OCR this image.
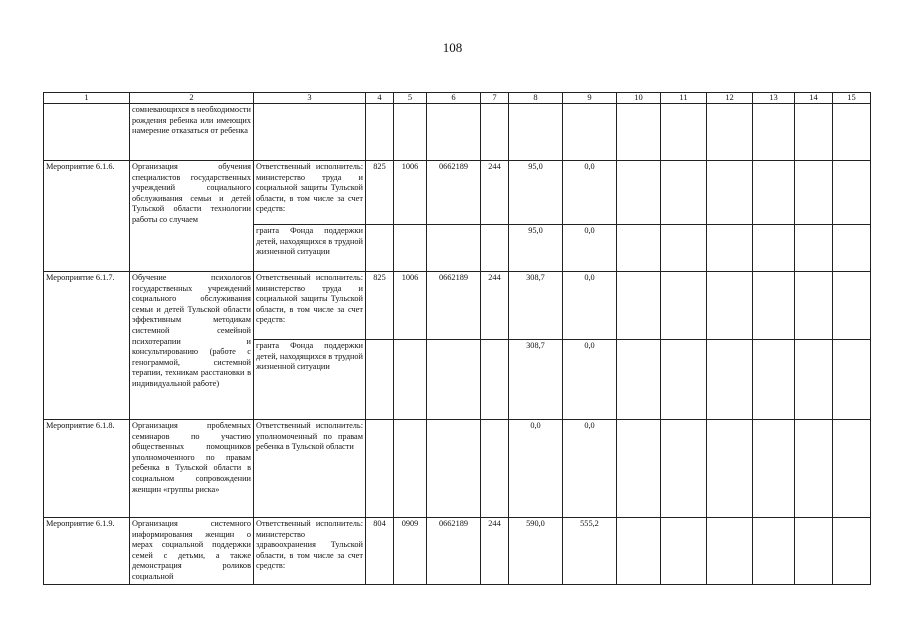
108
1	2	3	4	5	6	7	8	9	10	11	12	13	14	15
	сомневающихся в необходимости рождения ребенка или имеющих намерение отказаться от ребенка													
Мероприятие 6.1.6.	Организация обучения специалистов государственных учреждений социального обслуживания семьи и детей Тульской области технологии работы со случаем	Ответственный исполнитель: министерство труда и социальной защиты Тульской области, в том числе за счет средств:	825	1006	0662189	244	95,0	0,0						
		гранта Фонда поддержки детей, находящихся в трудной жизненной ситуации					95,0	0,0						
Мероприятие 6.1.7.	Обучение психологов государственных учреждений социального обслуживания семьи и детей Тульской области эффективным методикам системной семейной психотерапии и консультированию (работе с генограммой, системной терапии, техникам расстановки в индивидуальной работе)	Ответственный исполнитель: министерство труда и социальной защиты Тульской области, в том числе за счет средств:	825	1006	0662189	244	308,7	0,0						
		гранта Фонда поддержки детей, находящихся в трудной жизненной ситуации					308,7	0,0						
Мероприятие 6.1.8.	Организация проблемных семинаров по участию общественных помощников уполномоченного по правам ребенка в Тульской области в социальном сопровождении женщин «группы риска»	Ответственный исполнитель: уполномоченный по правам ребенка в Тульской области					0,0	0,0						
Мероприятие 6.1.9.	Организация системного информирования женщин о мерах социальной поддержки семей с детьми, а также демонстрация роликов социальной	Ответственный исполнитель: министерство здравоохранения Тульской области, в том числе за счет средств:	804	0909	0662189	244	590,0	555,2						
